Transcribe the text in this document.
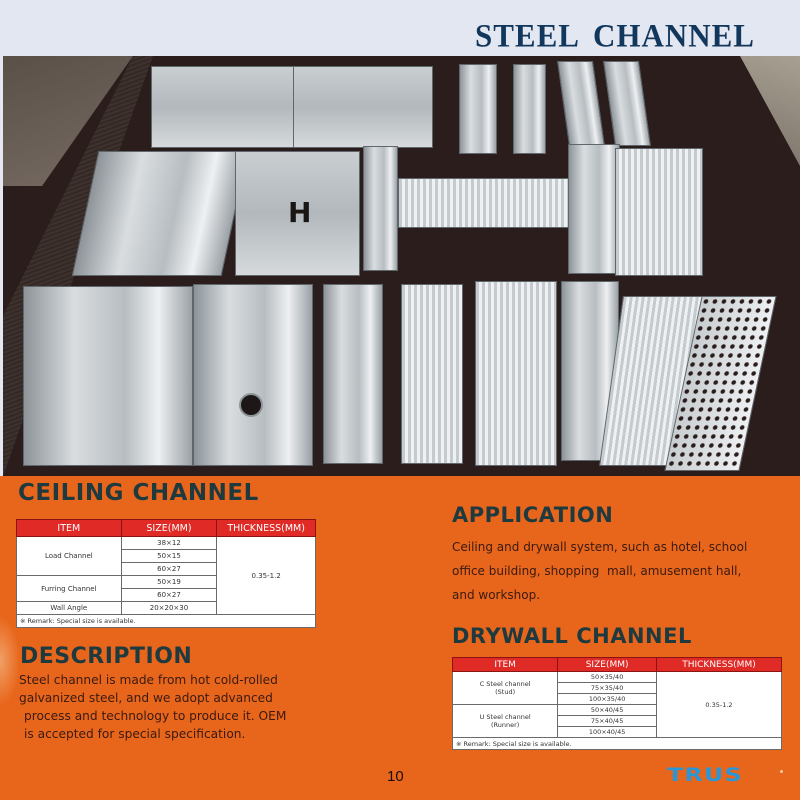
STEEL CHANNEL
H
CEILING CHANNEL
ITEM	SIZE(MM)	THICKNESS(MM)
Load Channel	38×12	0.35-1.2
	50×15	
	60×27	
Furring Channel	50×19	
	60×27	
Wall Angle	20×20×30	
※ Remark: Special size is available.		
APPLICATION
Ceiling and drywall system, such as hotel, school
office building, shopping  mall, amusement hall,
and workshop.
DESCRIPTION
Steel channel is made from hot cold-rolled
galvanized steel, and we adopt advanced
process and technology to produce it. OEM
is accepted for special specification.
DRYWALL CHANNEL
ITEM	SIZE(MM)	THICKNESS(MM)

C Steel channel
(Stud)	50×35/40	0.35-1.2
	75×35/40	
	100×35/40	

U Steel channel
(Runner)	50×40/45	
	75×40/45	
	100×40/45	
※ Remark: Special size is available.		
10	TRUS
